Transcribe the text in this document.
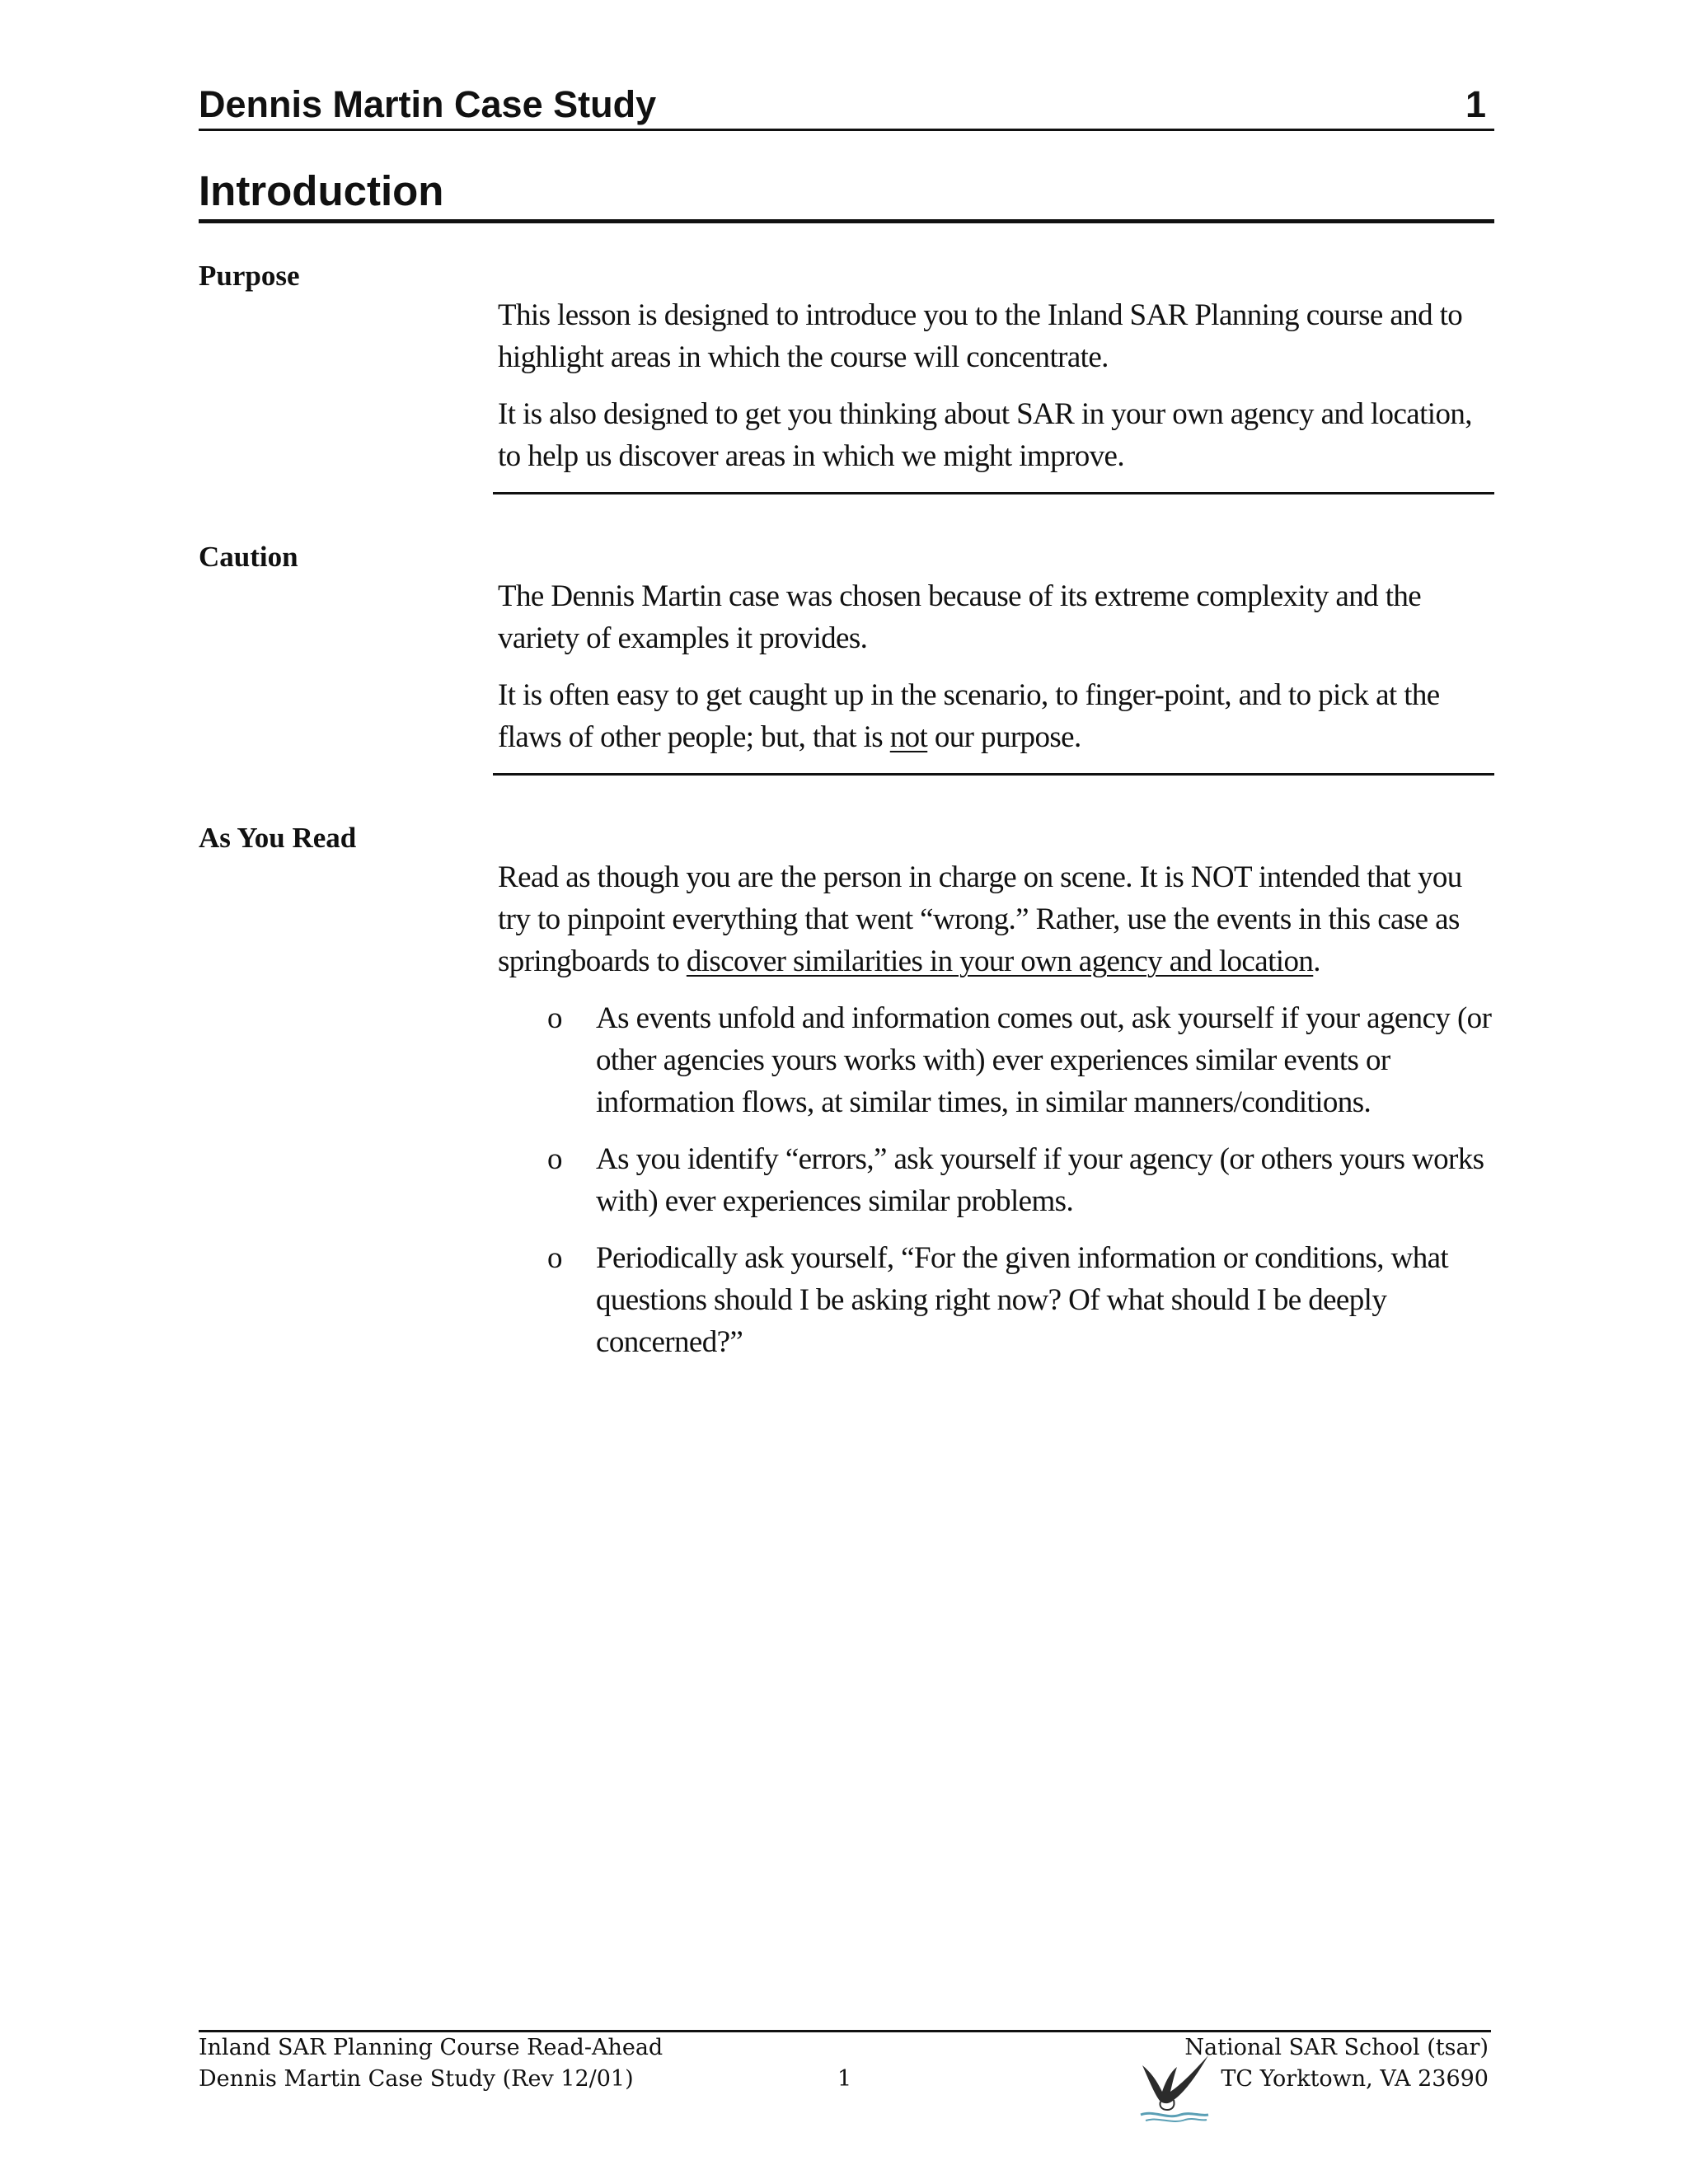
Dennis Martin Case Study	1
Introduction
Purpose

This lesson is designed to introduce you to the Inland SAR Planning course and to highlight areas in which the course will concentrate.

It is also designed to get you thinking about SAR in your own agency and location, to help us discover areas in which we might improve.

Caution

The Dennis Martin case was chosen because of its extreme complexity and the variety of examples it provides.

It is often easy to get caught up in the scenario, to finger-point, and to pick at the flaws of other people; but, that is not our purpose.

As You Read

Read as though you are the person in charge on scene. It is NOT intended that you try to pinpoint everything that went “wrong.” Rather, use the events in this case as springboards to discover similarities in your own agency and location.

o As events unfold and information comes out, ask yourself if your agency (or other agencies yours works with) ever experiences similar events or information flows, at similar times, in similar manners/conditions.
o As you identify “errors,” ask yourself if your agency (or others yours works with) ever experiences similar problems.
o Periodically ask yourself, “For the given information or conditions, what questions should I be asking right now? Of what should I be deeply concerned?”
Inland SAR Planning Course Read-Ahead
Dennis Martin Case Study (Rev 12/01)	1
National SAR School (tsar)
TC Yorktown, VA 23690
